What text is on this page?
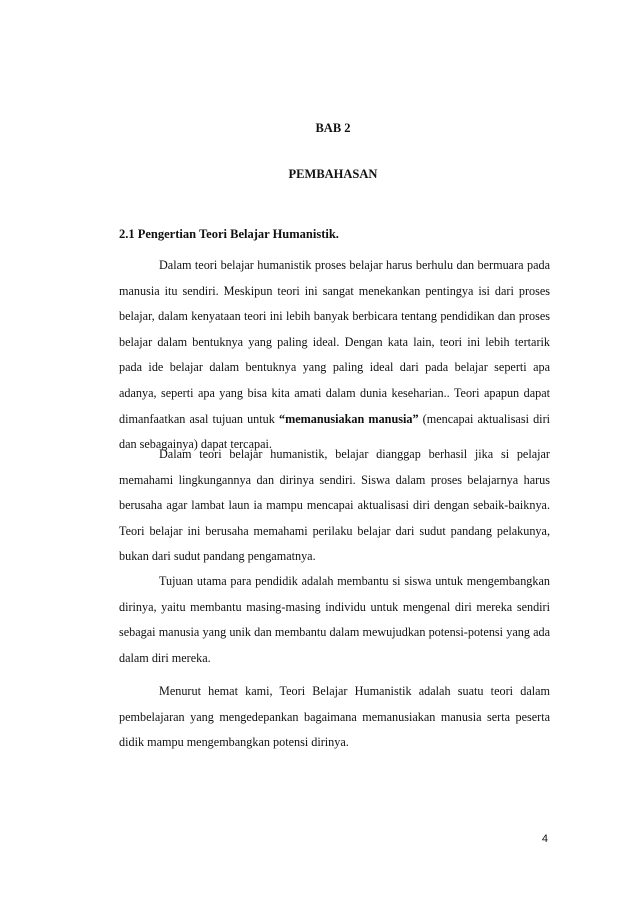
BAB 2
PEMBAHASAN
2.1 Pengertian Teori Belajar Humanistik.

Dalam teori belajar humanistik proses belajar harus berhulu dan bermuara pada manusia itu sendiri. Meskipun teori ini sangat menekankan pentingya isi dari proses belajar, dalam kenyataan teori ini lebih banyak berbicara tentang pendidikan dan proses belajar dalam bentuknya yang paling ideal. Dengan kata lain, teori ini lebih tertarik pada ide belajar dalam bentuknya yang paling ideal dari pada belajar seperti apa adanya, seperti apa yang bisa kita amati dalam dunia keseharian.. Teori apapun dapat dimanfaatkan asal tujuan untuk “memanusiakan manusia” (mencapai aktualisasi diri dan sebagainya) dapat tercapai.

Dalam teori belajar humanistik, belajar dianggap berhasil jika si pelajar memahami lingkungannya dan dirinya sendiri. Siswa dalam proses belajarnya harus berusaha agar lambat laun ia mampu mencapai aktualisasi diri dengan sebaik-baiknya. Teori belajar ini berusaha memahami perilaku belajar dari sudut pandang pelakunya, bukan dari sudut pandang pengamatnya.

Tujuan utama para pendidik adalah membantu si siswa untuk mengembangkan dirinya, yaitu membantu masing-masing individu untuk mengenal diri mereka sendiri sebagai manusia yang unik dan membantu dalam mewujudkan potensi-potensi yang ada dalam diri mereka.

Menurut hemat kami, Teori Belajar Humanistik adalah suatu teori dalam pembelajaran yang mengedepankan bagaimana memanusiakan manusia serta peserta didik mampu mengembangkan potensi dirinya.

4
